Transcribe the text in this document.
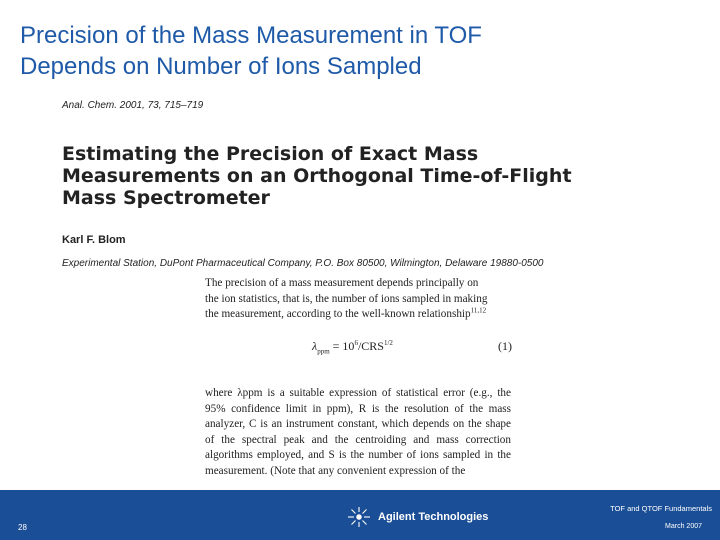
Precision of the Mass Measurement in TOF
Depends on Number of Ions Sampled
Anal. Chem. 2001, 73, 715–719
Estimating the Precision of Exact Mass
Measurements on an Orthogonal Time-of-Flight
Mass Spectrometer
Karl F. Blom
Experimental Station, DuPont Pharmaceutical Company, P.O. Box 80500, Wilmington, Delaware 19880-0500
The precision of a mass measurement depends principally on
the ion statistics, that is, the number of ions sampled in making
the measurement, according to the well-known relationship$^{11,12}$
$\lambda_{ppm} = 10^6/CRS^{1/2}$	(1)
where λppm is a suitable expression of statistical error (e.g., the 95% confidence limit in ppm), R is the resolution of the mass analyzer, C is an instrument constant, which depends on the shape of the spectral peak and the centroiding and mass correction algorithms employed, and S is the number of ions sampled in the measurement. (Note that any convenient expression of the
28
Agilent Technologies
TOF and QTOF Fundamentals
March 2007
